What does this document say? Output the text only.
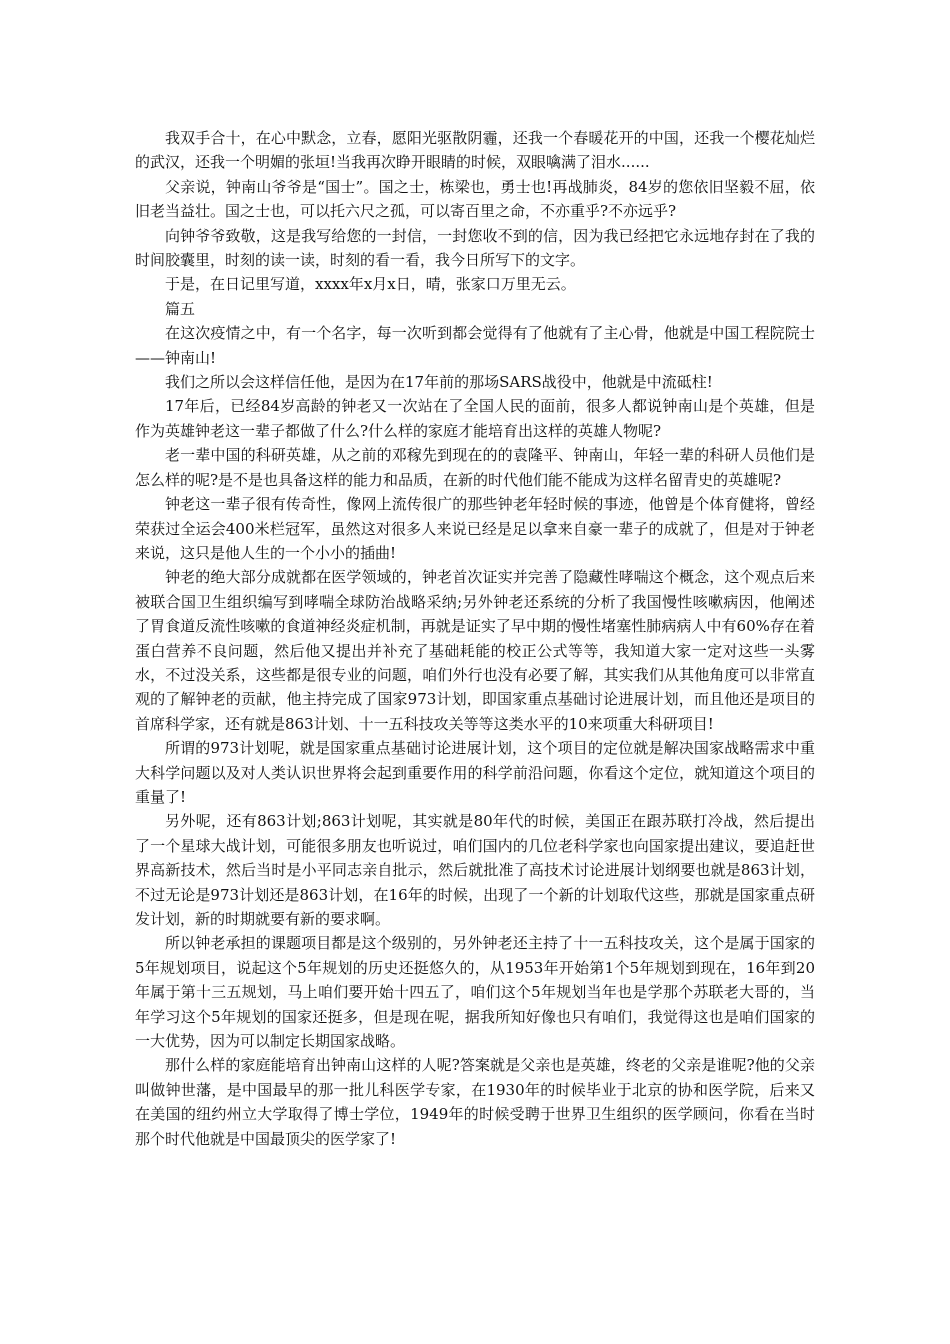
我双手合十，在心中默念，立春，愿阳光驱散阴霾，还我一个春暖花开的中国，还我一个樱花灿烂的武汉，还我一个明媚的张垣!当我再次睁开眼睛的时候，双眼噙满了泪水......

父亲说，钟南山爷爷是“国士”。国之士，栋梁也，勇士也!再战肺炎，84岁的您依旧坚毅不屈，依旧老当益壮。国之士也，可以托六尺之孤，可以寄百里之命，不亦重乎?不亦远乎?

向钟爷爷致敬，这是我写给您的一封信，一封您收不到的信，因为我已经把它永远地存封在了我的时间胶囊里，时刻的读一读，时刻的看一看，我今日所写下的文字。

于是，在日记里写道，xxxx年x月x日，晴，张家口万里无云。

篇五

在这次疫情之中，有一个名字，每一次听到都会觉得有了他就有了主心骨，他就是中国工程院院士——钟南山!

我们之所以会这样信任他，是因为在17年前的那场SARS战役中，他就是中流砥柱!

17年后，已经84岁高龄的钟老又一次站在了全国人民的面前，很多人都说钟南山是个英雄，但是作为英雄钟老这一辈子都做了什么?什么样的家庭才能培育出这样的英雄人物呢?

老一辈中国的科研英雄，从之前的邓稼先到现在的的袁隆平、钟南山，年轻一辈的科研人员他们是怎么样的呢?是不是也具备这样的能力和品质，在新的时代他们能不能成为这样名留青史的英雄呢?

钟老这一辈子很有传奇性，像网上流传很广的那些钟老年轻时候的事迹，他曾是个体育健将，曾经荣获过全运会400米栏冠军，虽然这对很多人来说已经是足以拿来自豪一辈子的成就了，但是对于钟老来说，这只是他人生的一个小小的插曲!

钟老的绝大部分成就都在医学领域的，钟老首次证实并完善了隐藏性哮喘这个概念，这个观点后来被联合国卫生组织编写到哮喘全球防治战略采纳;另外钟老还系统的分析了我国慢性咳嗽病因，他阐述了胃食道反流性咳嗽的食道神经炎症机制，再就是证实了早中期的慢性堵塞性肺病病人中有60%存在着蛋白营养不良问题，然后他又提出并补充了基础耗能的校正公式等等，我知道大家一定对这些一头雾水，不过没关系，这些都是很专业的问题，咱们外行也没有必要了解，其实我们从其他角度可以非常直观的了解钟老的贡献，他主持完成了国家973计划，即国家重点基础讨论进展计划，而且他还是项目的首席科学家，还有就是863计划、十一五科技攻关等等这类水平的10来项重大科研项目!

所谓的973计划呢，就是国家重点基础讨论进展计划，这个项目的定位就是解决国家战略需求中重大科学问题以及对人类认识世界将会起到重要作用的科学前沿问题，你看这个定位，就知道这个项目的重量了!

另外呢，还有863计划;863计划呢，其实就是80年代的时候，美国正在跟苏联打冷战，然后提出了一个星球大战计划，可能很多朋友也听说过，咱们国内的几位老科学家也向国家提出建议，要追赶世界高新技术，然后当时是小平同志亲自批示，然后就批准了高技术讨论进展计划纲要也就是863计划，不过无论是973计划还是863计划，在16年的时候，出现了一个新的计划取代这些，那就是国家重点研发计划，新的时期就要有新的要求啊。

所以钟老承担的课题项目都是这个级别的，另外钟老还主持了十一五科技攻关，这个是属于国家的5年规划项目，说起这个5年规划的历史还挺悠久的，从1953年开始第1个5年规划到现在，16年到20年属于第十三五规划，马上咱们要开始十四五了，咱们这个5年规划当年也是学那个苏联老大哥的，当年学习这个5年规划的国家还挺多，但是现在呢，据我所知好像也只有咱们，我觉得这也是咱们国家的一大优势，因为可以制定长期国家战略。

那什么样的家庭能培育出钟南山这样的人呢?答案就是父亲也是英雄，终老的父亲是谁呢?他的父亲叫做钟世藩，是中国最早的那一批儿科医学专家，在1930年的时候毕业于北京的协和医学院，后来又在美国的纽约州立大学取得了博士学位，1949年的时候受聘于世界卫生组织的医学顾问，你看在当时那个时代他就是中国最顶尖的医学家了!
